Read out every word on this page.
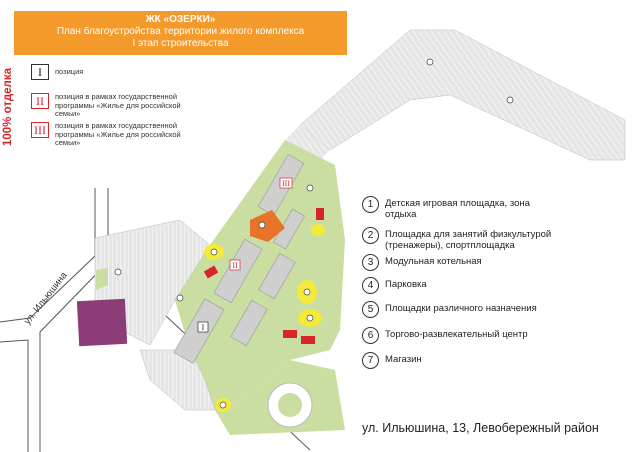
I
II
III
ЖК «ОЗЕРКИ»
План благоустройства территории жилого комплекса
I этап строительства
100% отделка	I	позиция
II	позиция в рамках государственной программы «Жилье для российской семьи»
III	позиция в рамках государственной программы «Жилье для российской семьи»
1	Детская игровая площадка, зона отдыха
2	Площадка для занятий физкультурой (тренажеры), спортплощадка
3	Модульная котельная
4	Парковка
5	Площадки различного назначения
6	Торгово-развлекательный центр
7	Магазин
ул. Ильюшина
ул. Ильюшина, 13, Левобережный район
